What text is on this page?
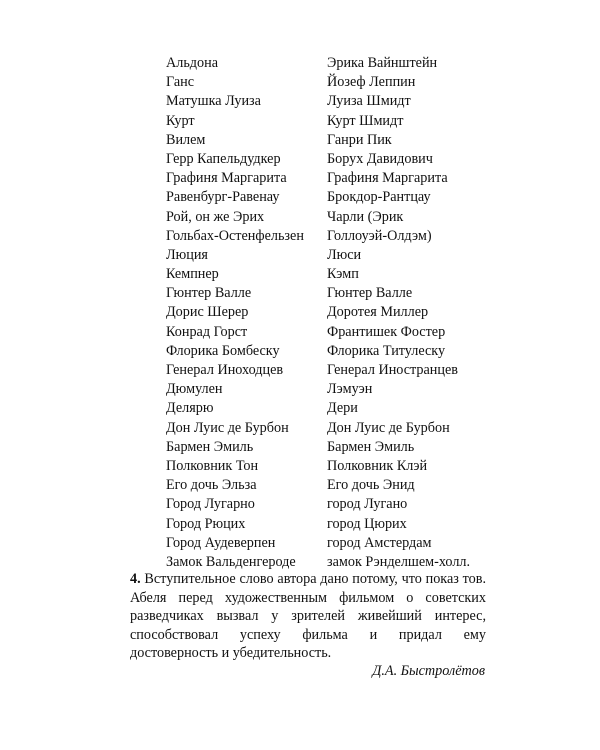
Альдона	Эрика Вайнштейн
Ганс	Йозеф Леппин
Матушка Луиза	Луиза Шмидт
Курт	Курт Шмидт
Вилем	Ганри Пик
Герр Капельдудкер	Борух Давидович
Графиня Маргарита	Графиня Маргарита
Равенбург-Равенау	Брокдор-Рантцау
Рой, он же Эрих	Чарли (Эрик
Гольбах-Остенфельзен	Голлоуэй-Олдэм)
Люция	Люси
Кемпнер	Кэмп
Гюнтер Валле	Гюнтер Валле
Дорис Шерер	Доротея Миллер
Конрад Горст	Франтишек Фостер
Флорика Бомбеску	Флорика Титулеску
Генерал Иноходцев	Генерал Иностранцев
Дюмулен	Лэмуэн
Делярю	Дери
Дон Луис де Бурбон	Дон Луис де Бурбон
Бармен Эмиль	Бармен Эмиль
Полковник Тон	Полковник Клэй
Его дочь Эльза	Его дочь Энид
Город Лугарно	город Лугано
Город Рюцих	город Цюрих
Город Аудеверпен	город Амстердам
Замок Вальденгероде	замок Рэнделшем-холл.
4. Вступительное слово автора дано потому, что показ тов. Абеля перед художественным фильмом о советских разведчиках вызвал у зрителей живейший интерес, способствовал успеху фильма и придал ему достоверность и убедительность.
Д.А. Быстролётов
